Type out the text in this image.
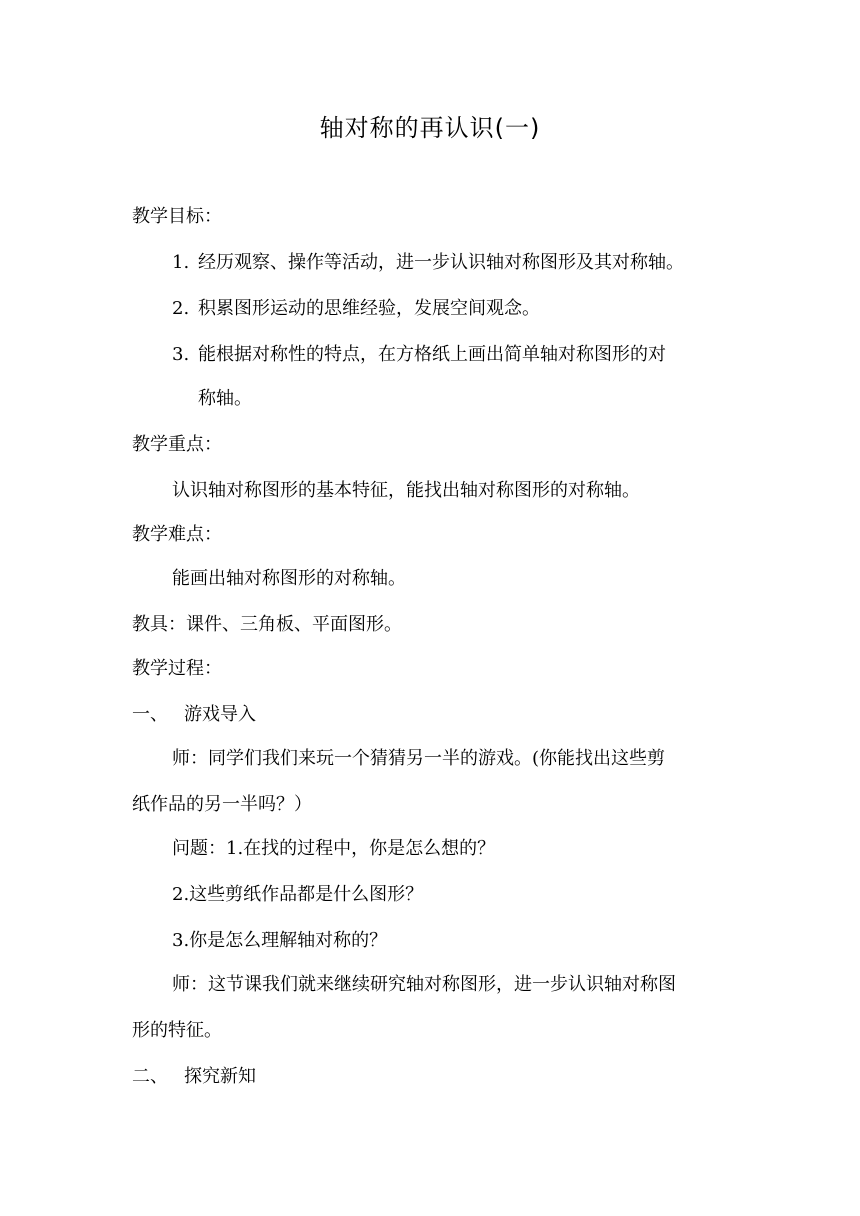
轴对称的再认识(一)
教学目标：
1. 经历观察、操作等活动，进一步认识轴对称图形及其对称轴。
2. 积累图形运动的思维经验，发展空间观念。
3. 能根据对称性的特点，在方格纸上画出简单轴对称图形的对
称轴。
教学重点：
认识轴对称图形的基本特征，能找出轴对称图形的对称轴。
教学难点：
能画出轴对称图形的对称轴。
教具：课件、三角板、平面图形。
教学过程：
一、 游戏导入
师：同学们我们来玩一个猜猜另一半的游戏。(你能找出这些剪
纸作品的另一半吗？）
问题：1.在找的过程中，你是怎么想的？
2.这些剪纸作品都是什么图形？
3.你是怎么理解轴对称的？
师：这节课我们就来继续研究轴对称图形，进一步认识轴对称图
形的特征。
二、 探究新知
